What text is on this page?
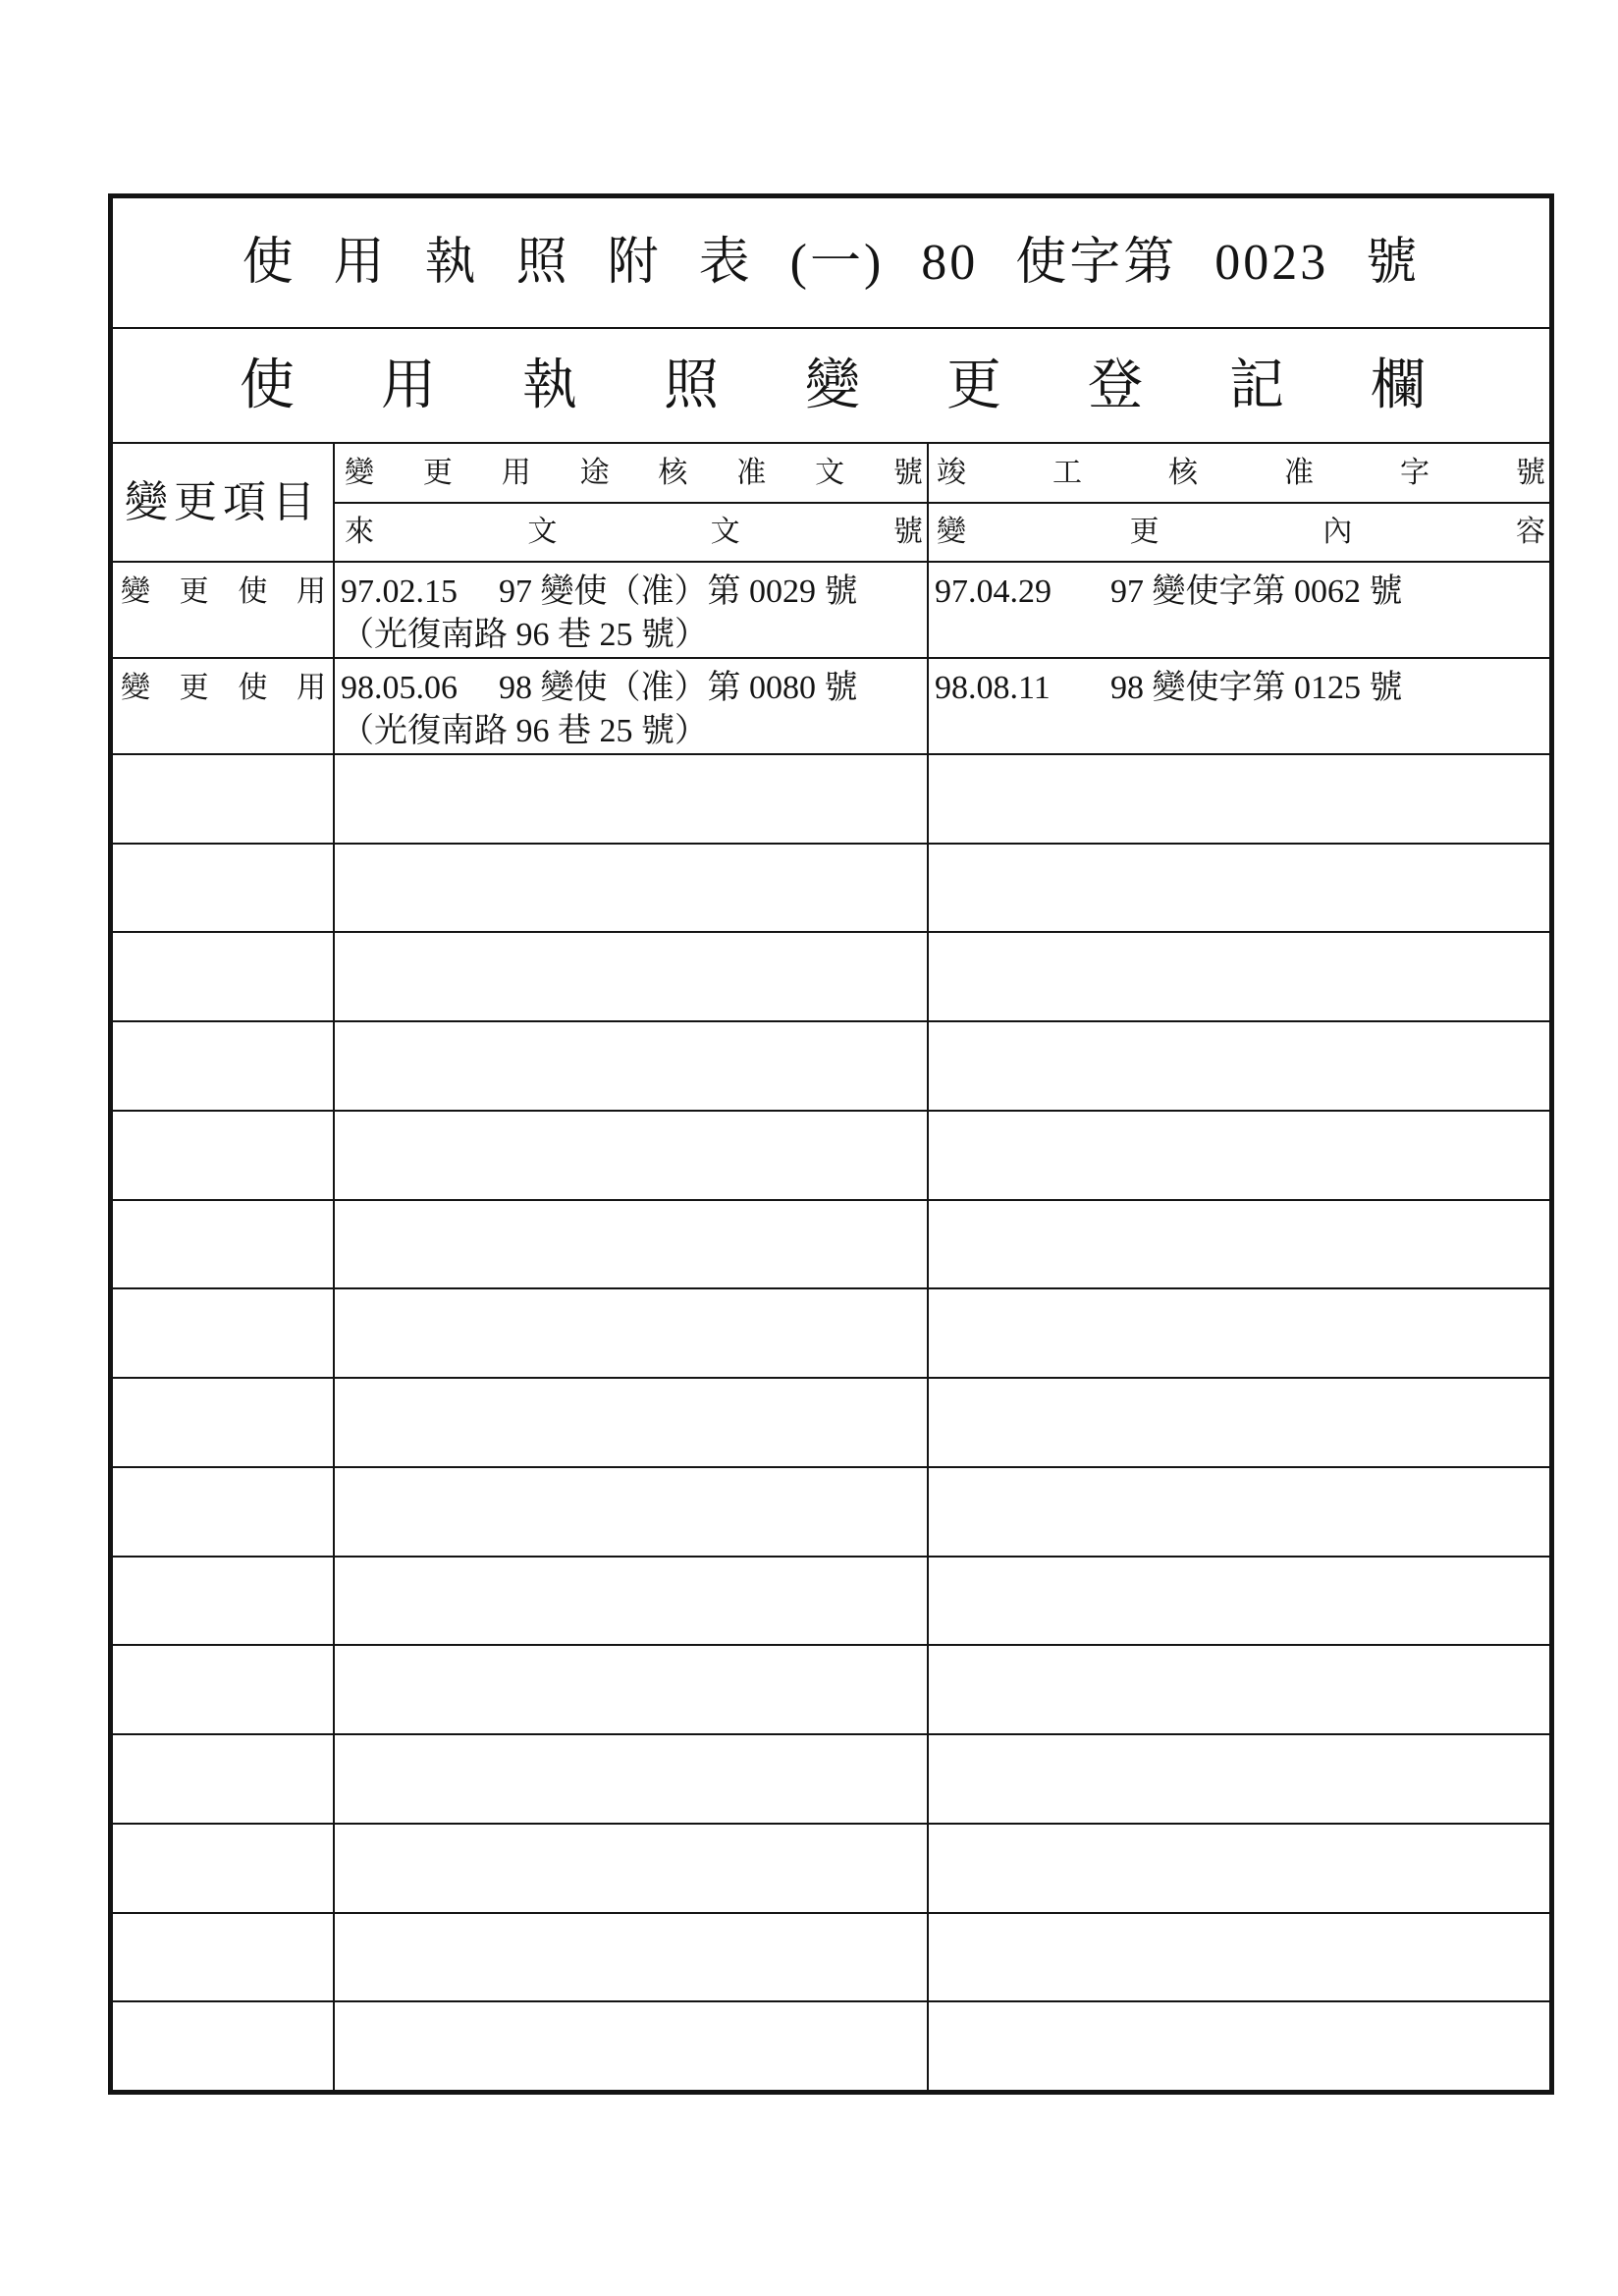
使 用 執 照 附 表 (一) 80 使字第 0023 號
使 用 執 照 變 更 登 記 欄
變更項目
變 更 用 途 核 准 文 號
來 文 文 號
竣 工 核 准 字 號
變 更 內 容
變 更 使 用 97.02.15 97 變使（准）第 0029 號
（光復南路 96 巷 25 號）
97.04.29 97 變使字第 0062 號
變 更 使 用 98.05.06 98 變使（准）第 0080 號
（光復南路 96 巷 25 號）
98.08.11 98 變使字第 0125 號
